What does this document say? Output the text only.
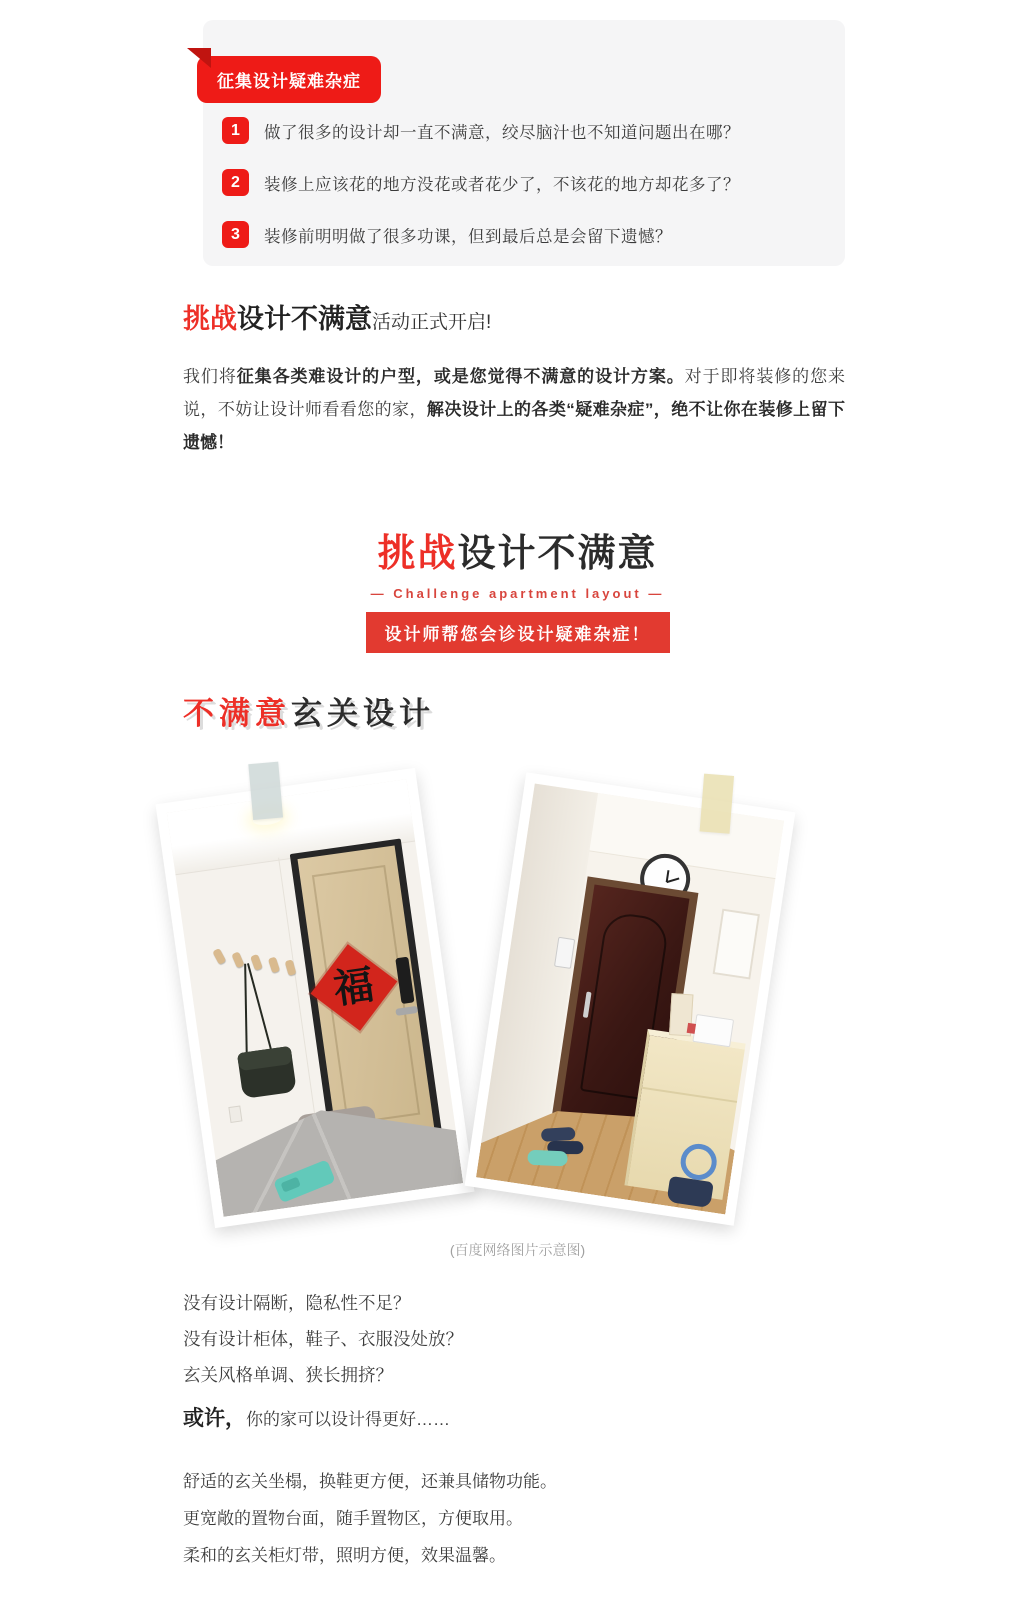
征集设计疑难杂症
1	做了很多的设计却一直不满意，绞尽脑汁也不知道问题出在哪？
2	装修上应该花的地方没花或者花少了，不该花的地方却花多了？
3	装修前明明做了很多功课，但到最后总是会留下遗憾？
挑战设计不满意活动正式开启!

我们将征集各类难设计的户型，或是您觉得不满意的设计方案。对于即将装修的您来说，不妨让设计师看看您的家，解决设计上的各类“疑难杂症”，绝不让你在装修上留下遗憾！

挑战设计不满意
— Challenge apartment layout —
设计师帮您会诊设计疑难杂症！
不满意玄关设计
福
(百度网络图片示意图)
没有设计隔断，隐私性不足？
没有设计柜体，鞋子、衣服没处放？
玄关风格单调、狭长拥挤？
或许，你的家可以设计得更好……
舒适的玄关坐榻，换鞋更方便，还兼具储物功能。
更宽敞的置物台面，随手置物区，方便取用。
柔和的玄关柜灯带，照明方便，效果温馨。
